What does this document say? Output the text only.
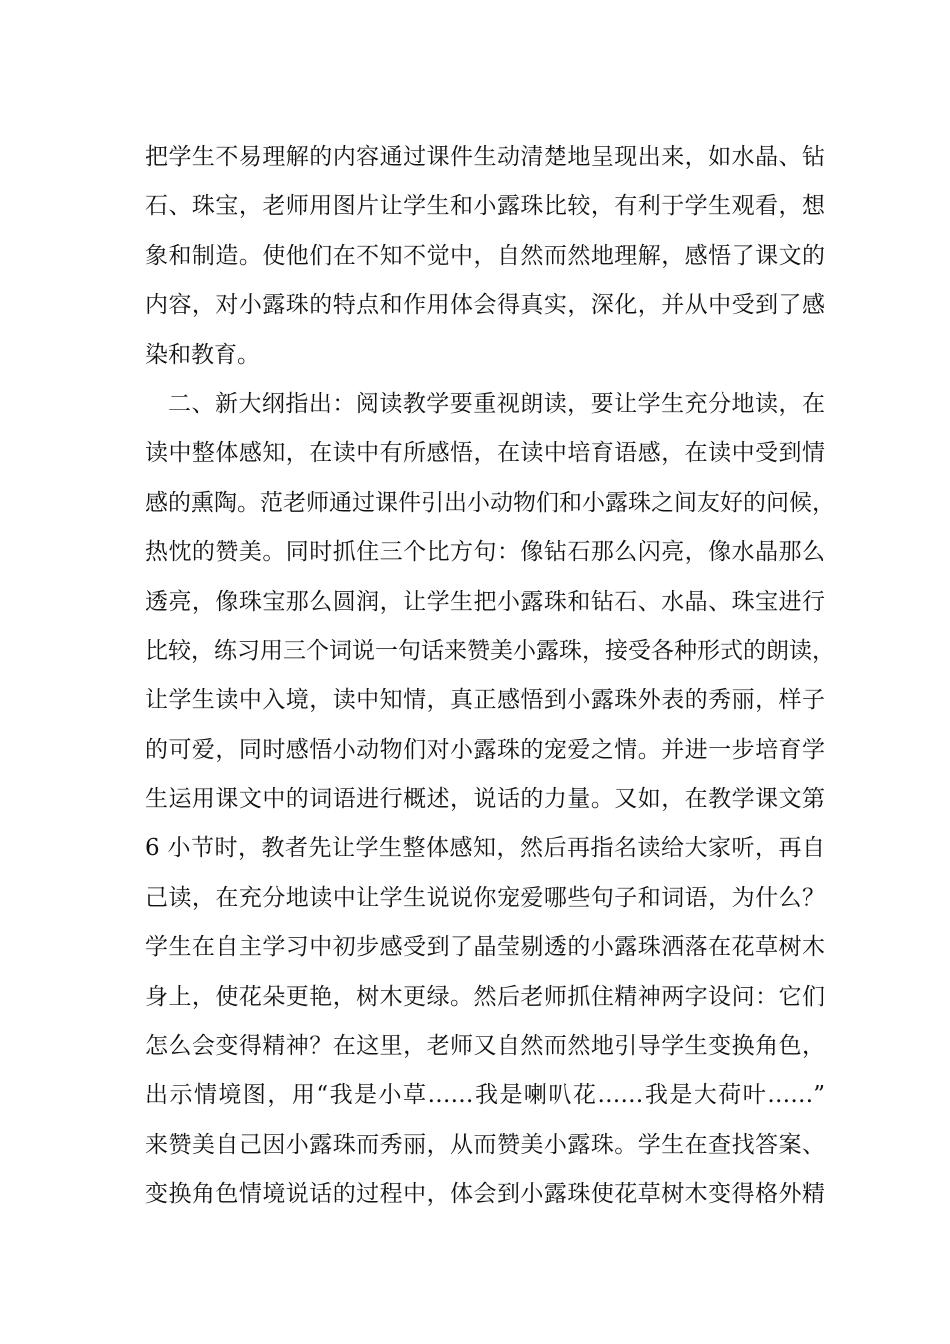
把学生不易理解的内容通过课件生动清楚地呈现出来，如水晶、钻
石、珠宝，老师用图片让学生和小露珠比较，有利于学生观看，想
象和制造。使他们在不知不觉中，自然而然地理解，感悟了课文的
内容，对小露珠的特点和作用体会得真实，深化，并从中受到了感
染和教育。
二、新大纲指出：阅读教学要重视朗读，要让学生充分地读，在
读中整体感知，在读中有所感悟，在读中培育语感，在读中受到情
感的熏陶。范老师通过课件引出小动物们和小露珠之间友好的问候，
热忱的赞美。同时抓住三个比方句：像钻石那么闪亮，像水晶那么
透亮，像珠宝那么圆润，让学生把小露珠和钻石、水晶、珠宝进行
比较，练习用三个词说一句话来赞美小露珠，接受各种形式的朗读，
让学生读中入境，读中知情，真正感悟到小露珠外表的秀丽，样子
的可爱，同时感悟小动物们对小露珠的宠爱之情。并进一步培育学
生运用课文中的词语进行概述，说话的力量。又如，在教学课文第
6 小节时，教者先让学生整体感知，然后再指名读给大家听，再自
己读，在充分地读中让学生说说你宠爱哪些句子和词语，为什么？
学生在自主学习中初步感受到了晶莹剔透的小露珠洒落在花草树木
身上，使花朵更艳，树木更绿。然后老师抓住精神两字设问：它们
怎么会变得精神？在这里，老师又自然而然地引导学生变换角色，
出示情境图，用“我是小草……我是喇叭花……我是大荷叶……”
来赞美自己因小露珠而秀丽，从而赞美小露珠。学生在查找答案、
变换角色情境说话的过程中，体会到小露珠使花草树木变得格外精
